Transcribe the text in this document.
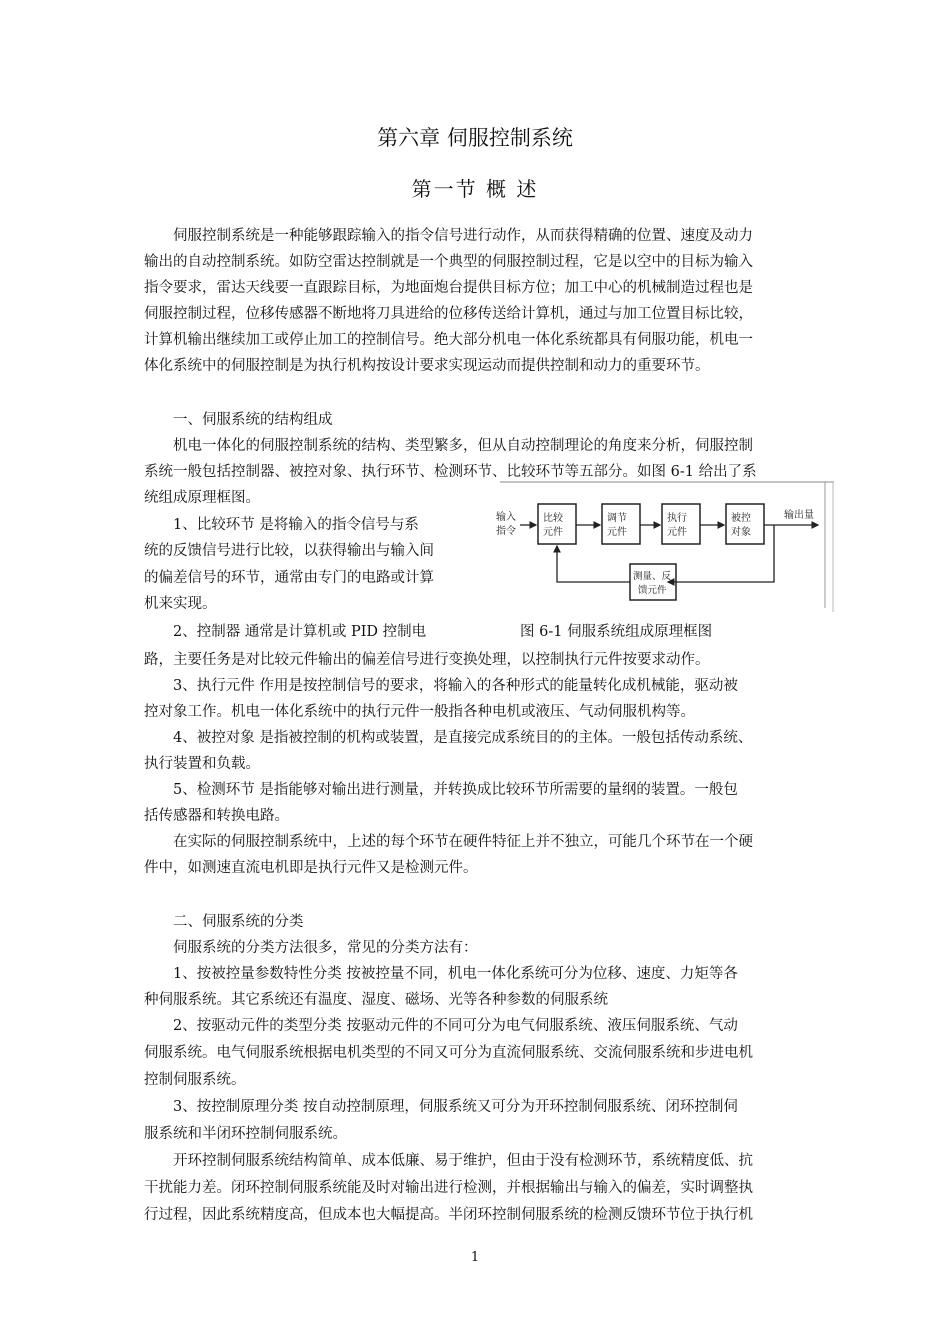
第六章 伺服控制系统
第一节 概 述
　　伺服控制系统是一种能够跟踪输入的指令信号进行动作，从而获得精确的位置、速度及动力
输出的自动控制系统。如防空雷达控制就是一个典型的伺服控制过程，它是以空中的目标为输入
指令要求，雷达天线要一直跟踪目标，为地面炮台提供目标方位；加工中心的机械制造过程也是
伺服控制过程，位移传感器不断地将刀具进给的位移传送给计算机，通过与加工位置目标比较，
计算机输出继续加工或停止加工的控制信号。绝大部分机电一体化系统都具有伺服功能，机电一
体化系统中的伺服控制是为执行机构按设计要求实现运动而提供控制和动力的重要环节。
　　一、伺服系统的结构组成
　　机电一体化的伺服控制系统的结构、类型繁多，但从自动控制理论的角度来分析，伺服控制
系统一般包括控制器、被控对象、执行环节、检测环节、比较环节等五部分。如图 6-1 给出了系
统组成原理框图。
　　1、比较环节 是将输入的指令信号与系
统的反馈信号进行比较，以获得输出与输入间
的偏差信号的环节，通常由专门的电路或计算
机来实现。
　　2、控制器 通常是计算机或 PID 控制电
输入
指令
比较
元件
调节
元件
执行
元件
被控
对象
输出量
测量、反
馈元件
图 6-1 伺服系统组成原理框图
路，主要任务是对比较元件输出的偏差信号进行变换处理，以控制执行元件按要求动作。
　　3、执行元件 作用是按控制信号的要求，将输入的各种形式的能量转化成机械能，驱动被
控对象工作。机电一体化系统中的执行元件一般指各种电机或液压、气动伺服机构等。
　　4、被控对象 是指被控制的机构或装置，是直接完成系统目的的主体。一般包括传动系统、
执行装置和负载。
　　5、检测环节 是指能够对输出进行测量，并转换成比较环节所需要的量纲的装置。一般包
括传感器和转换电路。
　　在实际的伺服控制系统中，上述的每个环节在硬件特征上并不独立，可能几个环节在一个硬
件中，如测速直流电机即是执行元件又是检测元件。
　　二、伺服系统的分类
　　伺服系统的分类方法很多，常见的分类方法有：
　　1、按被控量参数特性分类 按被控量不同，机电一体化系统可分为位移、速度、力矩等各
种伺服系统。其它系统还有温度、湿度、磁场、光等各种参数的伺服系统
　　2、按驱动元件的类型分类 按驱动元件的不同可分为电气伺服系统、液压伺服系统、气动
伺服系统。电气伺服系统根据电机类型的不同又可分为直流伺服系统、交流伺服系统和步进电机
控制伺服系统。
　　3、按控制原理分类 按自动控制原理，伺服系统又可分为开环控制伺服系统、闭环控制伺
服系统和半闭环控制伺服系统。
　　开环控制伺服系统结构简单、成本低廉、易于维护，但由于没有检测环节，系统精度低、抗
干扰能力差。闭环控制伺服系统能及时对输出进行检测，并根据输出与输入的偏差，实时调整执
行过程，因此系统精度高，但成本也大幅提高。半闭环控制伺服系统的检测反馈环节位于执行机
1
